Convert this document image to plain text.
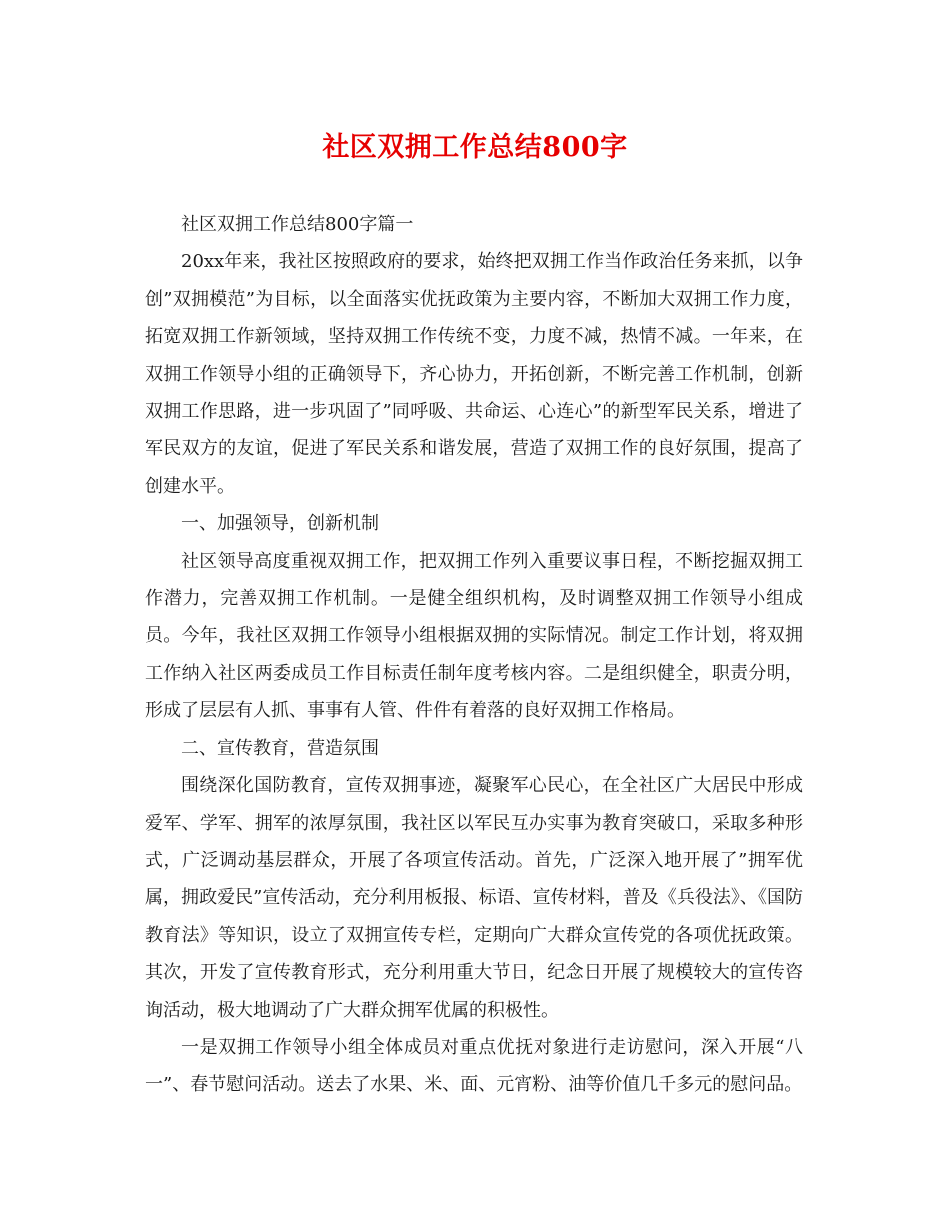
社区双拥工作总结800字

社区双拥工作总结800字篇一

20xx年来，我社区按照政府的要求，始终把双拥工作当作政治任务来抓，以争创”双拥模范”为目标，以全面落实优抚政策为主要内容，不断加大双拥工作力度，拓宽双拥工作新领域，坚持双拥工作传统不变，力度不减，热情不减。一年来，在双拥工作领导小组的正确领导下，齐心协力，开拓创新，不断完善工作机制，创新双拥工作思路，进一步巩固了”同呼吸、共命运、心连心”的新型军民关系，增进了军民双方的友谊，促进了军民关系和谐发展，营造了双拥工作的良好氛围，提高了创建水平。

一、加强领导，创新机制

社区领导高度重视双拥工作，把双拥工作列入重要议事日程，不断挖掘双拥工作潜力，完善双拥工作机制。一是健全组织机构，及时调整双拥工作领导小组成员。今年，我社区双拥工作领导小组根据双拥的实际情况。制定工作计划，将双拥工作纳入社区两委成员工作目标责任制年度考核内容。二是组织健全，职责分明，形成了层层有人抓、事事有人管、件件有着落的良好双拥工作格局。

二、宣传教育，营造氛围

围绕深化国防教育，宣传双拥事迹，凝聚军心民心，在全社区广大居民中形成爱军、学军、拥军的浓厚氛围，我社区以军民互办实事为教育突破口，采取多种形式，广泛调动基层群众，开展了各项宣传活动。首先，广泛深入地开展了”拥军优属，拥政爱民”宣传活动，充分利用板报、标语、宣传材料，普及《兵役法》、《国防教育法》等知识，设立了双拥宣传专栏，定期向广大群众宣传党的各项优抚政策。其次，开发了宣传教育形式，充分利用重大节日，纪念日开展了规模较大的宣传咨询活动，极大地调动了广大群众拥军优属的积极性。

一是双拥工作领导小组全体成员对重点优抚对象进行走访慰问，深入开展“八一”、春节慰问活动。送去了水果、米、面、元宵粉、油等价值几千多元的慰问品。
